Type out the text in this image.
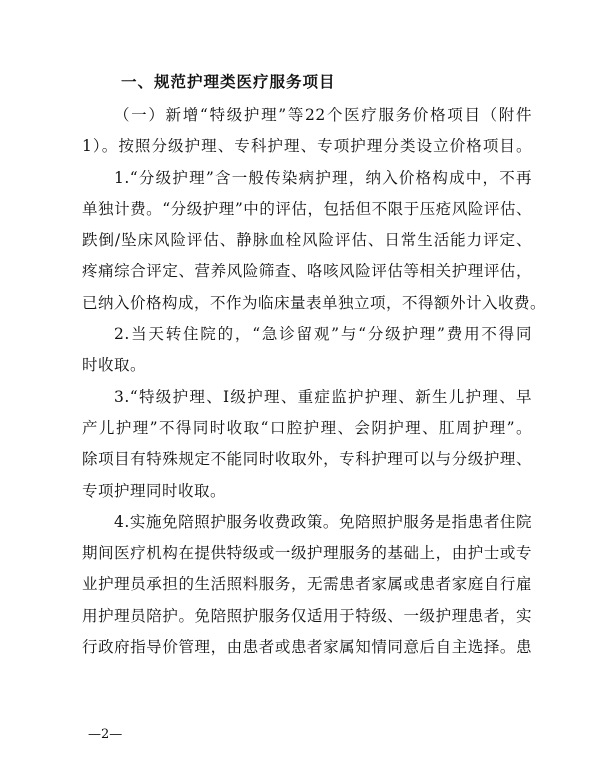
一、规范护理类医疗服务项目
（一）新增“特级护理”等22个医疗服务价格项目（附件
1）。按照分级护理、专科护理、专项护理分类设立价格项目。
1.“分级护理”含一般传染病护理，纳入价格构成中，不再
单独计费。“分级护理”中的评估，包括但不限于压疮风险评估、
跌倒/坠床风险评估、静脉血栓风险评估、日常生活能力评定、
疼痛综合评定、营养风险筛查、咯咳风险评估等相关护理评估，
已纳入价格构成，不作为临床量表单独立项，不得额外计入收费。
2.当天转住院的，“急诊留观”与“分级护理”费用不得同
时收取。
3.“特级护理、I级护理、重症监护护理、新生儿护理、早
产儿护理”不得同时收取“口腔护理、会阴护理、肛周护理”。
除项目有特殊规定不能同时收取外，专科护理可以与分级护理、
专项护理同时收取。
4.实施免陪照护服务收费政策。免陪照护服务是指患者住院
期间医疗机构在提供特级或一级护理服务的基础上，由护士或专
业护理员承担的生活照料服务，无需患者家属或患者家庭自行雇
用护理员陪护。免陪照护服务仅适用于特级、一级护理患者，实
行政府指导价管理，由患者或患者家属知情同意后自主选择。患
—2—
